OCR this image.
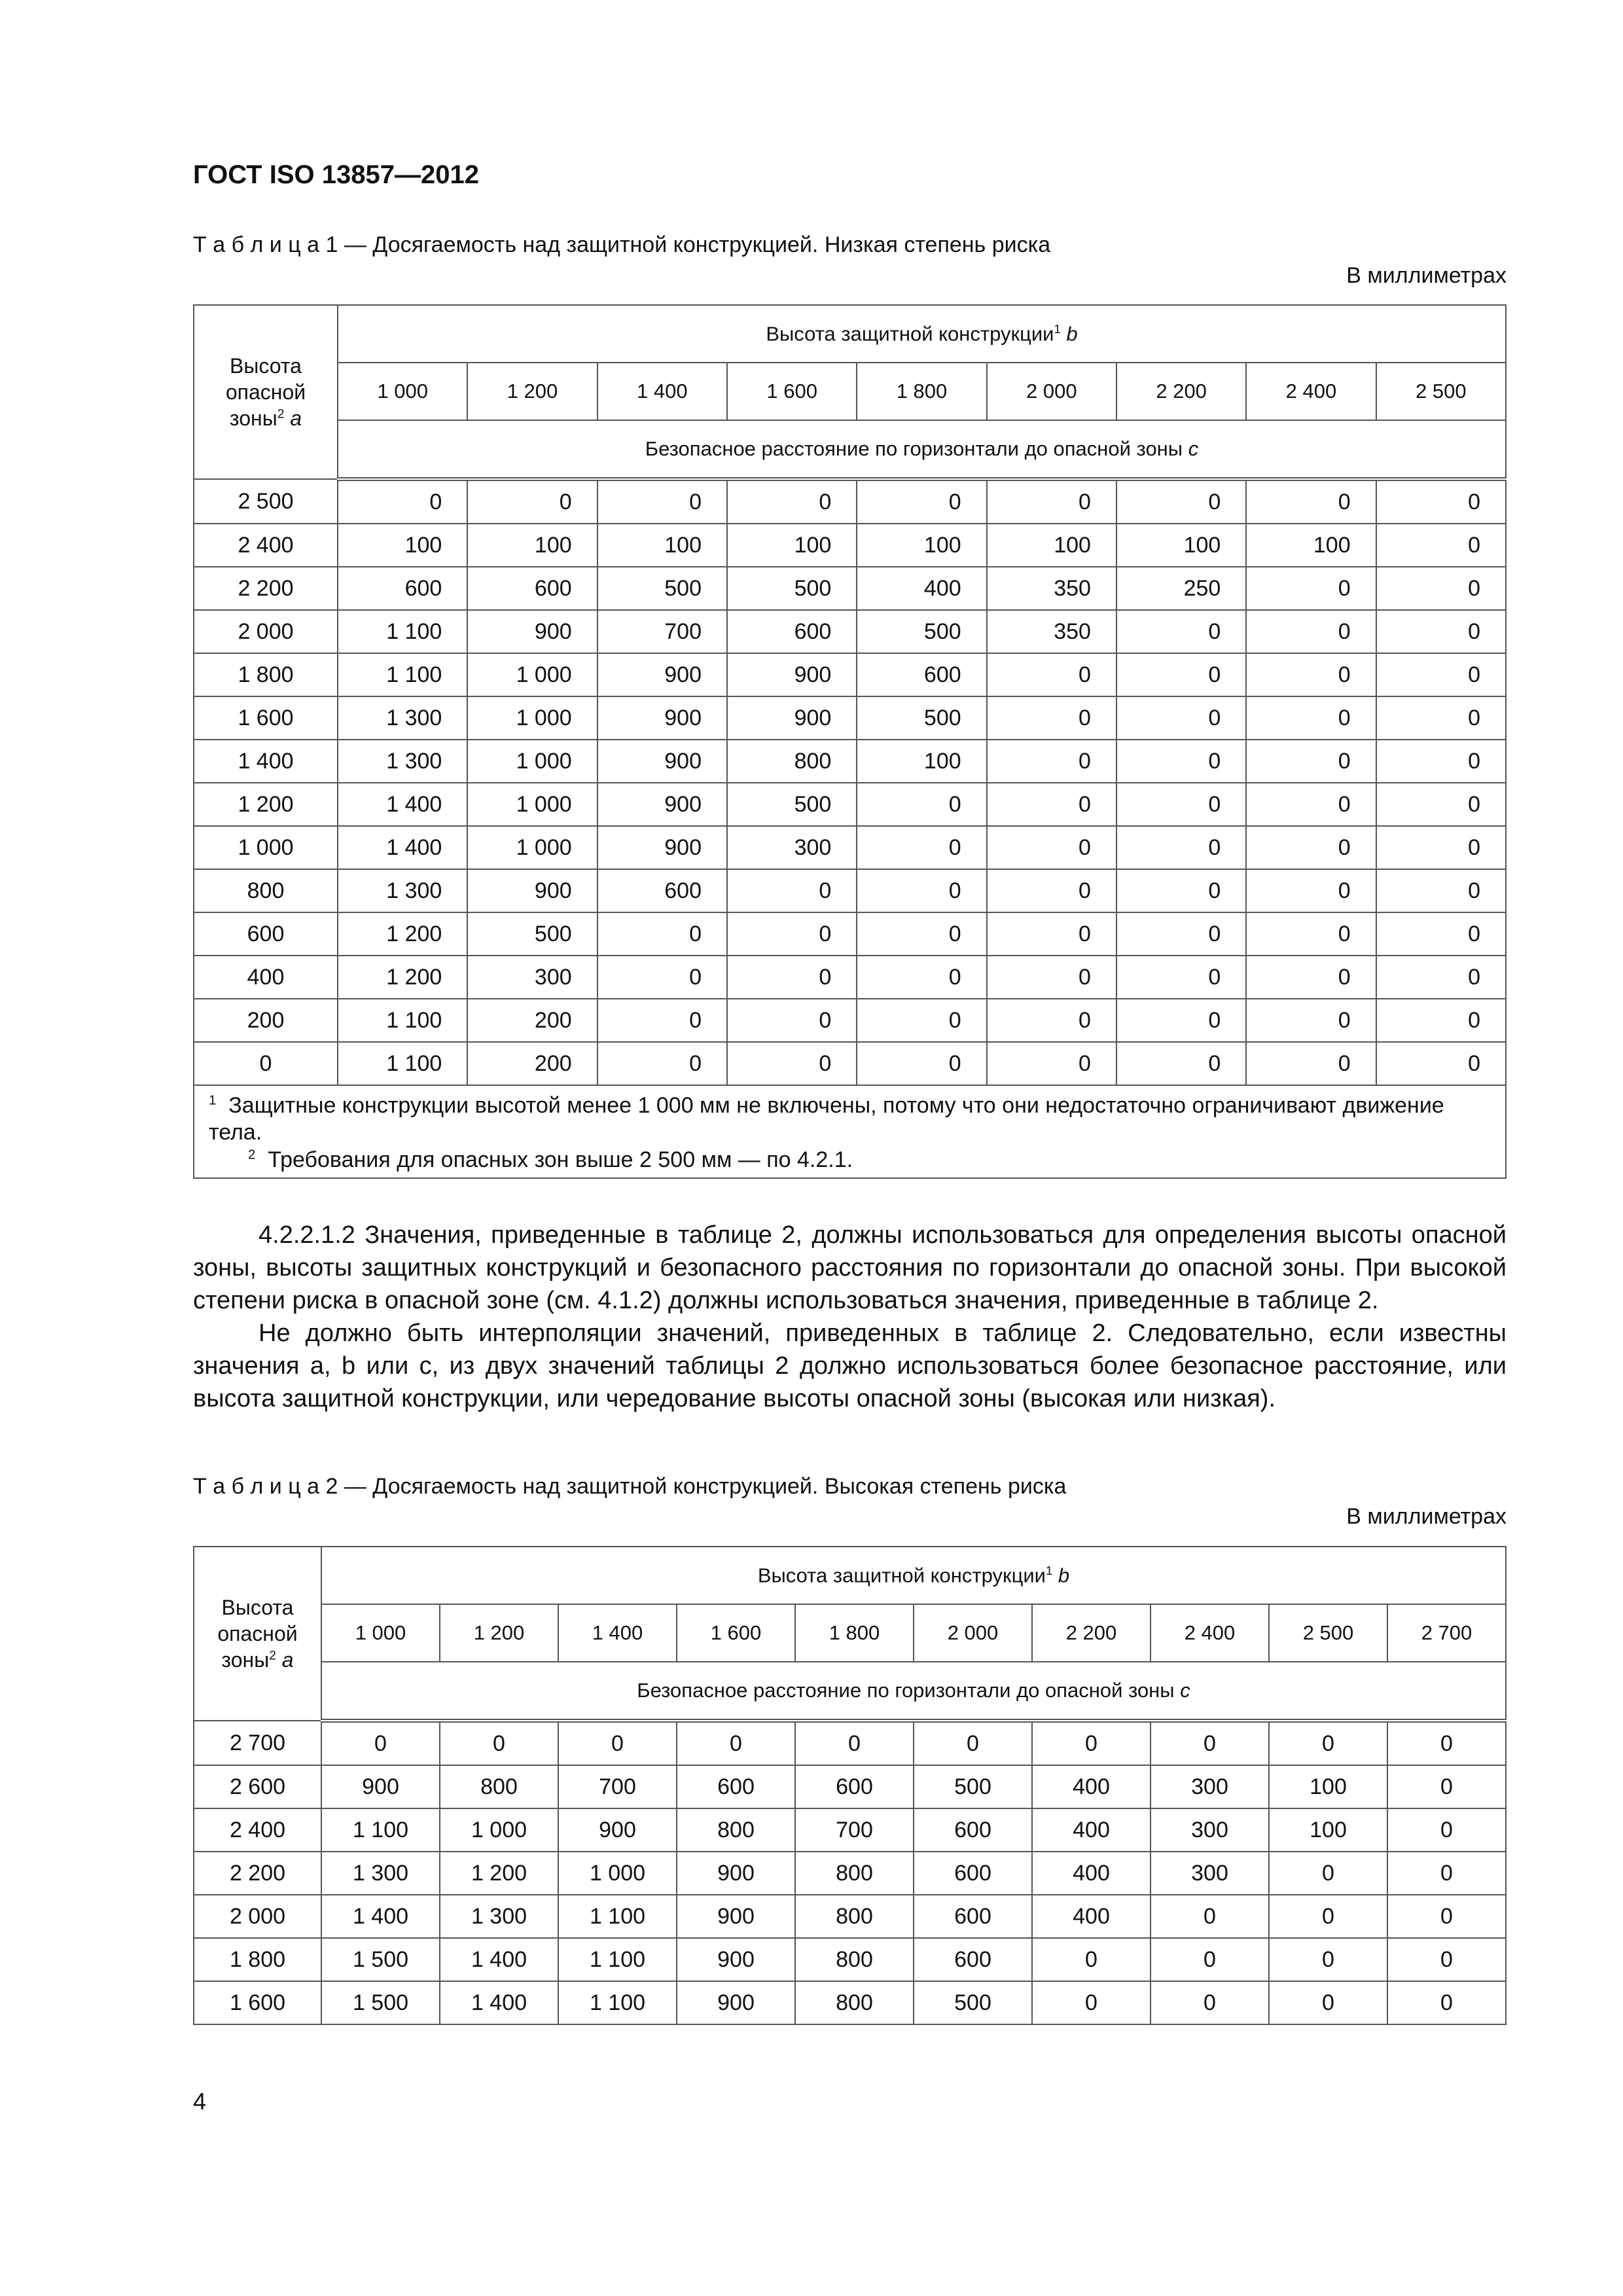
ГОСТ ISO 13857—2012
Т а б л и ц а 1 — Досягаемость над защитной конструкцией. Низкая степень риска
В миллиметрах
Высота
опасной
зоны$^2$ a	Высота защитной конструкции$^1$ b								
	1 000	1 200	1 400	1 600	1 800	2 000	2 200	2 400	2 500
	Безопасное расстояние по горизонтали до опасной зоны c								
2 500	0	0	0	0	0	0	0	0	0
2 400	100	100	100	100	100	100	100	100	0
2 200	600	600	500	500	400	350	250	0	0
2 000	1 100	900	700	600	500	350	0	0	0
1 800	1 100	1 000	900	900	600	0	0	0	0
1 600	1 300	1 000	900	900	500	0	0	0	0
1 400	1 300	1 000	900	800	100	0	0	0	0
1 200	1 400	1 000	900	500	0	0	0	0	0
1 000	1 400	1 000	900	300	0	0	0	0	0
800	1 300	900	600	0	0	0	0	0	0
600	1 200	500	0	0	0	0	0	0	0
400	1 200	300	0	0	0	0	0	0	0
200	1 100	200	0	0	0	0	0	0	0
0	1 100	200	0	0	0	0	0	0	0

$^1$ Защитные конструкции высотой менее 1 000 мм не включены, потому что они недостаточно ограничивают движение тела.
$^2$ Требования для опасных зон выше 2 500 мм — по 4.2.1.									

4.2.2.1.2 Значения, приведенные в таблице 2, должны использоваться для определения высоты опасной зоны, высоты защитных конструкций и безопасного расстояния по горизонтали до опасной зоны. При высокой степени риска в опасной зоне (см. 4.1.2) должны использоваться значения, приведенные в таблице 2.

Не должно быть интерполяции значений, приведенных в таблице 2. Следовательно, если известны значения a, b или c, из двух значений таблицы 2 должно использоваться более безопасное расстояние, или высота защитной конструкции, или чередование высоты опасной зоны (высокая или низкая).

Т а б л и ц а 2 — Досягаемость над защитной конструкцией. Высокая степень риска
В миллиметрах
Высота
опасной
зоны$^2$ a	Высота защитной конструкции$^1$ b									
	1 000	1 200	1 400	1 600	1 800	2 000	2 200	2 400	2 500	2 700
	Безопасное расстояние по горизонтали до опасной зоны c									
2 700	0	0	0	0	0	0	0	0	0	0
2 600	900	800	700	600	600	500	400	300	100	0
2 400	1 100	1 000	900	800	700	600	400	300	100	0
2 200	1 300	1 200	1 000	900	800	600	400	300	0	0
2 000	1 400	1 300	1 100	900	800	600	400	0	0	0
1 800	1 500	1 400	1 100	900	800	600	0	0	0	0
1 600	1 500	1 400	1 100	900	800	500	0	0	0	0
4
